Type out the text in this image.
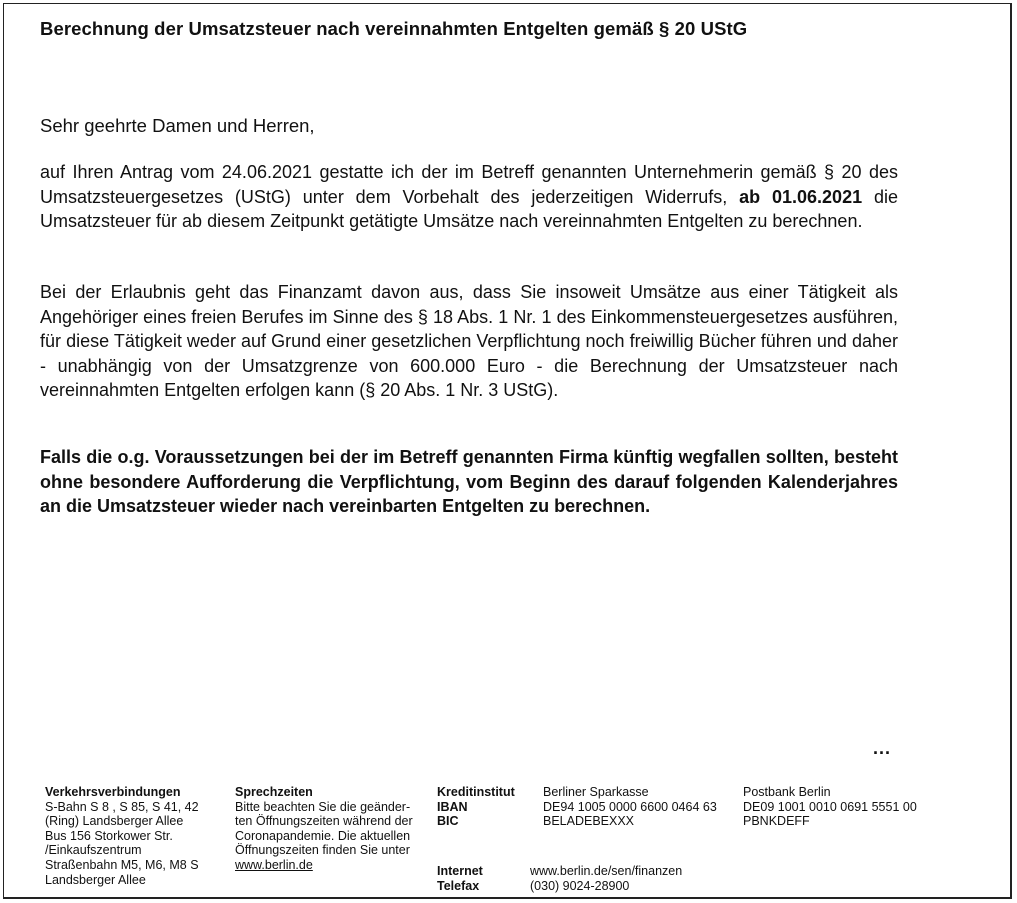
Berechnung der Umsatzsteuer nach vereinnahmten Entgelten gemäß § 20 UStG
Sehr geehrte Damen und Herren,
auf Ihren Antrag vom 24.06.2021 gestatte ich der im Betreff genannten Unternehmerin gemäß § 20 des Umsatzsteuergesetzes (UStG) unter dem Vorbehalt des jederzeitigen Widerrufs, ab 01.06.2021 die Umsatzsteuer für ab diesem Zeitpunkt getätigte Umsätze nach vereinnahmten Entgelten zu berechnen.
Bei der Erlaubnis geht das Finanzamt davon aus, dass Sie insoweit Umsätze aus einer Tätigkeit als Angehöriger eines freien Berufes im Sinne des § 18 Abs. 1 Nr. 1 des Einkommensteuergesetzes ausführen, für diese Tätigkeit weder auf Grund einer gesetzlichen Verpflichtung noch freiwillig Bücher führen und daher - unabhängig von der Umsatzgrenze von 600.000 Euro - die Berechnung der Umsatzsteuer nach vereinnahmten Entgelten erfolgen kann (§ 20 Abs. 1 Nr. 3 UStG).
Falls die o.g. Voraussetzungen bei der im Betreff genannten Firma künftig wegfallen sollten, besteht ohne besondere Aufforderung die Verpflichtung, vom Beginn des darauf folgenden Kalenderjahres an die Umsatzsteuer wieder nach vereinbarten Entgelten zu berechnen.
...
Verkehrsverbindungen
S-Bahn S 8 , S 85, S 41, 42
(Ring) Landsberger Allee
Bus 156 Storkower Str.
/Einkaufszentrum
Straßenbahn M5, M6, M8 S
Landsberger Allee
Sprechzeiten
Bitte beachten Sie die geänder-
ten Öffnungszeiten während der
Coronapandemie. Die aktuellen
Öffnungszeiten finden Sie unter
www.berlin.de
Kreditinstitut
IBAN
BIC
Berliner Sparkasse
DE94 1005 0000 6600 0464 63
BELADEBEXXX
Postbank Berlin
DE09 1001 0010 0691 5551 00
PBNKDEFF
Internet
Telefax
www.berlin.de/sen/finanzen
(030) 9024-28900
